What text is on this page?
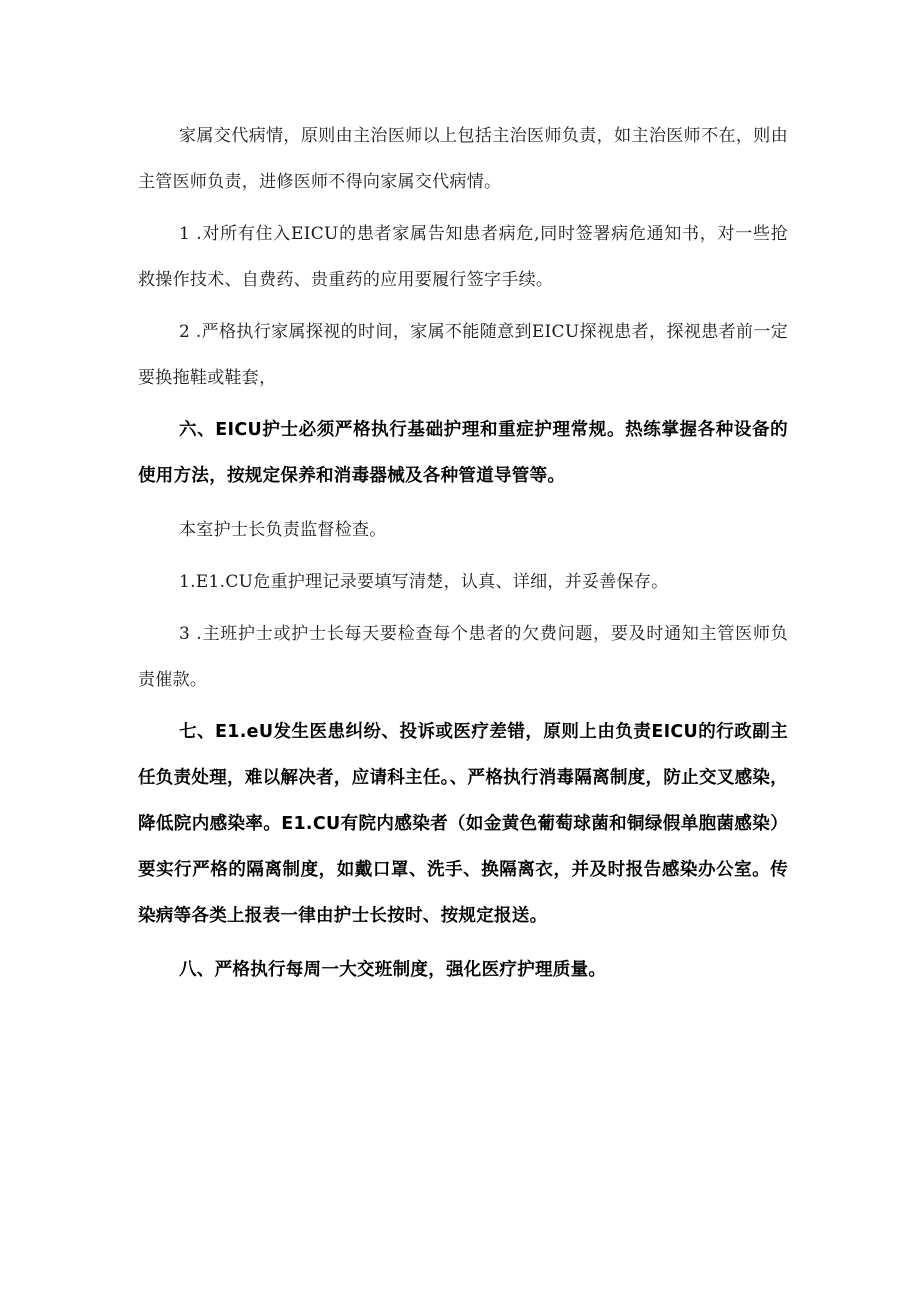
家属交代病情，原则由主治医师以上包括主治医师负责，如主治医师不在，则由主管医师负责，进修医师不得向家属交代病情。

1 .对所有住入EICU的患者家属告知患者病危,同时签署病危通知书，对一些抢救操作技术、自费药、贵重药的应用要履行签字手续。

2 .严格执行家属探视的时间，家属不能随意到EICU探视患者，探视患者前一定要换拖鞋或鞋套，

六、EICU护士必须严格执行基础护理和重症护理常规。热练掌握各种设备的使用方法，按规定保养和消毒器械及各种管道导管等。

本室护士长负责监督检查。

1.E1.CU危重护理记录要填写清楚，认真、详细，并妥善保存。

3 .主班护士或护士长每天要检查每个患者的欠费问题，要及时通知主管医师负责催款。

七、E1.eU发生医患纠纷、投诉或医疗差错，原则上由负责EICU的行政副主任负责处理，难以解决者，应请科主任。、严格执行消毒隔离制度，防止交叉感染，降低院内感染率。E1.CU有院内感染者（如金黄色葡萄球菌和铜绿假单胞菌感染）要实行严格的隔离制度，如戴口罩、洗手、换隔离衣，并及时报告感染办公室。传染病等各类上报表一律由护士长按时、按规定报送。

八、严格执行每周一大交班制度，强化医疗护理质量。
